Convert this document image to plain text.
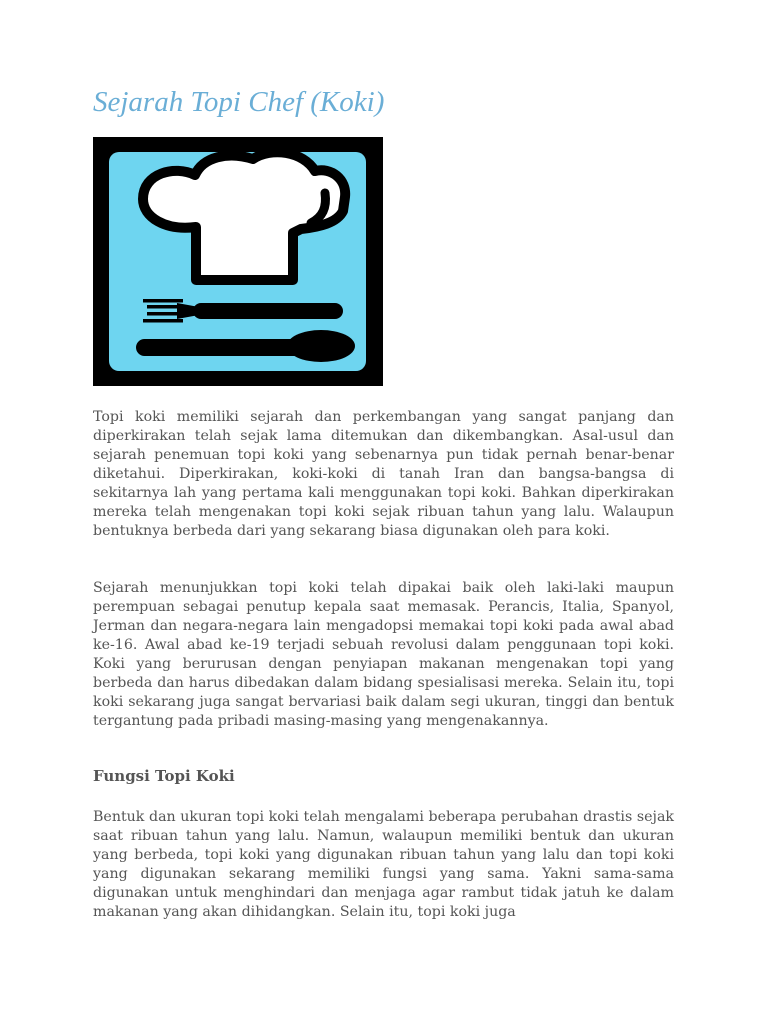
Sejarah Topi Chef (Koki)

Topi koki memiliki sejarah dan perkembangan yang sangat panjang dan diperkirakan telah sejak lama ditemukan dan dikembangkan. Asal-usul dan sejarah penemuan topi koki yang sebenarnya pun tidak pernah benar-benar diketahui. Diperkirakan, koki-koki di tanah Iran dan bangsa-bangsa di sekitarnya lah yang pertama kali menggunakan topi koki. Bahkan diperkirakan mereka telah mengenakan topi koki sejak ribuan tahun yang lalu. Walaupun bentuknya berbeda dari yang sekarang biasa digunakan oleh para koki.

Sejarah menunjukkan topi koki telah dipakai baik oleh laki-laki maupun perempuan sebagai penutup kepala saat memasak. Perancis, Italia, Spanyol, Jerman dan negara-negara lain mengadopsi memakai topi koki pada awal abad ke-16. Awal abad ke-19 terjadi sebuah revolusi dalam penggunaan topi koki. Koki yang berurusan dengan penyiapan makanan mengenakan topi yang berbeda dan harus dibedakan dalam bidang spesialisasi mereka. Selain itu, topi koki sekarang juga sangat bervariasi baik dalam segi ukuran, tinggi dan bentuk tergantung pada pribadi masing-masing yang mengenakannya.

Fungsi Topi Koki

Bentuk dan ukuran topi koki telah mengalami beberapa perubahan drastis sejak saat ribuan tahun yang lalu. Namun, walaupun memiliki bentuk dan ukuran yang berbeda, topi koki yang digunakan ribuan tahun yang lalu dan topi koki yang digunakan sekarang memiliki fungsi yang sama. Yakni sama-sama digunakan untuk menghindari dan menjaga agar rambut tidak jatuh ke dalam makanan yang akan dihidangkan. Selain itu, topi koki juga
